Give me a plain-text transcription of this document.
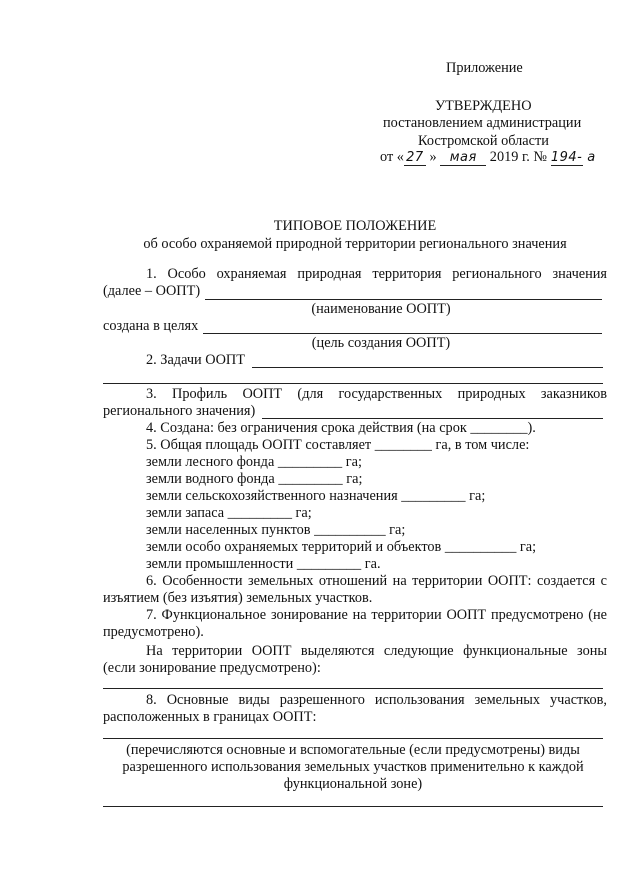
Приложение
УТВЕРЖДЕНО
постановлением администрации
Костромской области
от « 27 » мая 2019 г. № 194- а
ТИПОВОЕ ПОЛОЖЕНИЕ
об особо охраняемой природной территории регионального значения
1. Особо охраняемая природная территория регионального значения
(далее – ООПТ)
(наименование ООПТ)
создана в целях
(цель создания ООПТ)
2. Задачи ООПТ
3. Профиль ООПТ (для государственных природных заказников
регионального значения)
4. Создана: без ограничения срока действия (на срок ________).
5. Общая площадь ООПТ составляет ________ га, в том числе:
земли лесного фонда _________ га;
земли водного фонда _________ га;
земли сельскохозяйственного назначения _________ га;
земли запаса _________ га;
земли населенных пунктов __________ га;
земли особо охраняемых территорий и объектов __________ га;
земли промышленности _________ га.
6. Особенности земельных отношений на территории ООПТ: создается с
изъятием (без изъятия) земельных участков.
7. Функциональное зонирование на территории ООПТ предусмотрено (не
предусмотрено).
На территории ООПТ выделяются следующие функциональные зоны
(если зонирование предусмотрено):
8. Основные виды разрешенного использования земельных участков,
расположенных в границах ООПТ:
(перечисляются основные и вспомогательные (если предусмотрены) виды
разрешенного использования земельных участков применительно к каждой
функциональной зоне)
